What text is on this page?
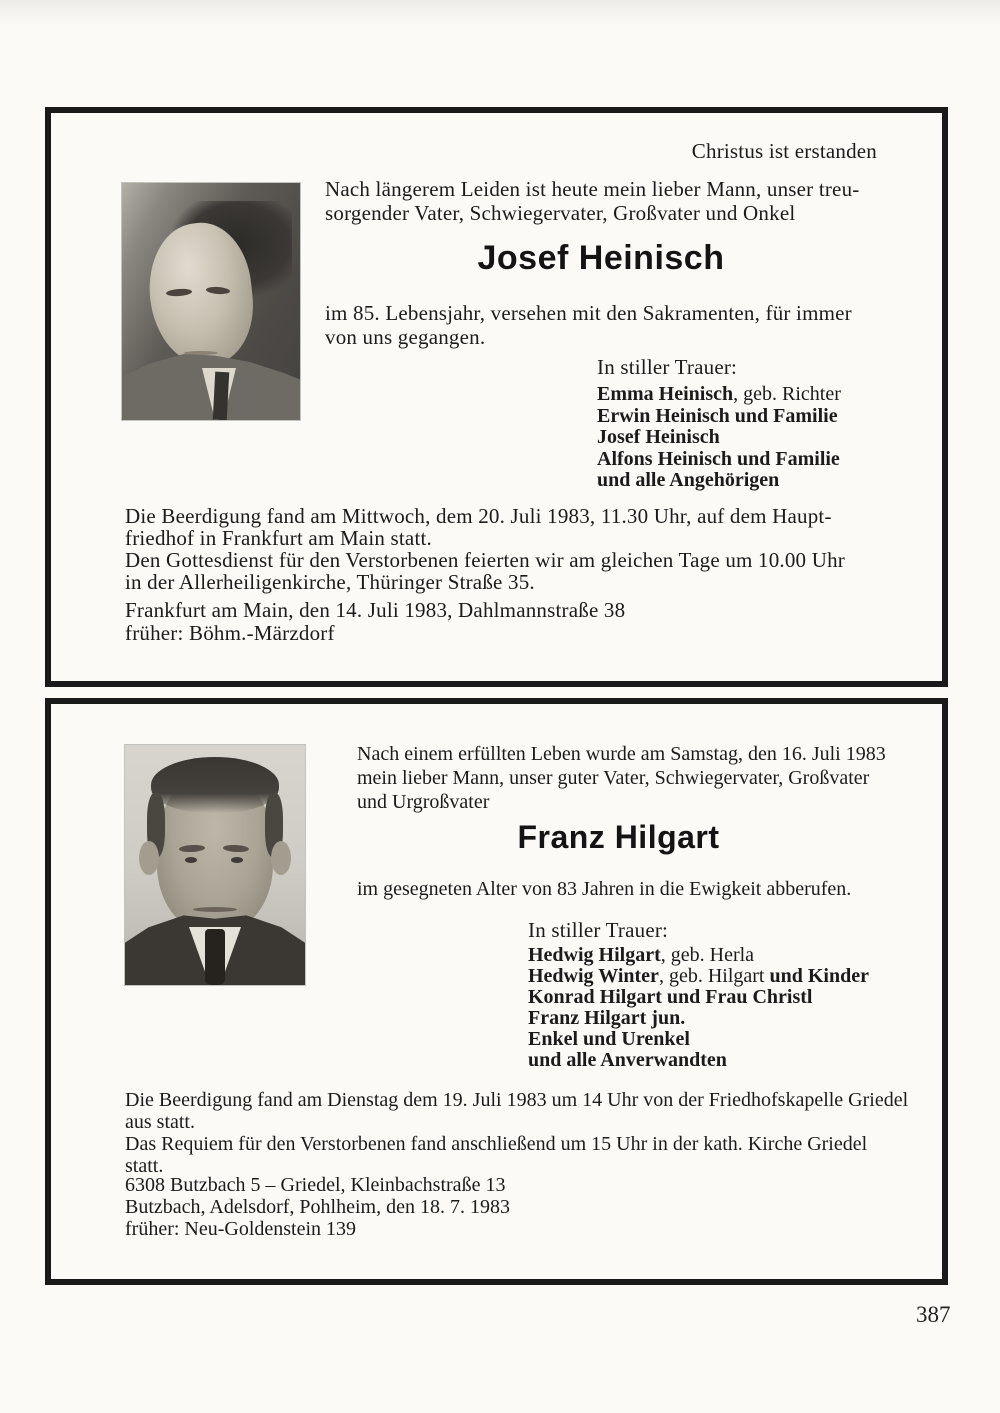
Christus ist erstanden
Nach längerem Leiden ist heute mein lieber Mann, unser treu-
sorgender Vater, Schwiegervater, Großvater und Onkel
Josef Heinisch
im 85. Lebensjahr, versehen mit den Sakramenten, für immer
von uns gegangen.
In stiller Trauer:
Emma Heinisch, geb. Richter
Erwin Heinisch und Familie
Josef Heinisch
Alfons Heinisch und Familie
und alle Angehörigen
Die Beerdigung fand am Mittwoch, dem 20. Juli 1983, 11.30 Uhr, auf dem Haupt-
friedhof in Frankfurt am Main statt.
Den Gottesdienst für den Verstorbenen feierten wir am gleichen Tage um 10.00 Uhr
in der Allerheiligenkirche, Thüringer Straße 35.
Frankfurt am Main, den 14. Juli 1983, Dahlmannstraße 38
früher: Böhm.-Märzdorf
Nach einem erfüllten Leben wurde am Samstag, den 16. Juli 1983
mein lieber Mann, unser guter Vater, Schwiegervater, Großvater
und Urgroßvater
Franz Hilgart
im gesegneten Alter von 83 Jahren in die Ewigkeit abberufen.
In stiller Trauer:
Hedwig Hilgart, geb. Herla
Hedwig Winter, geb. Hilgart und Kinder
Konrad Hilgart und Frau Christl
Franz Hilgart jun.
Enkel und Urenkel
und alle Anverwandten
Die Beerdigung fand am Dienstag dem 19. Juli 1983 um 14 Uhr von der Friedhofskapelle Griedel
aus statt.
Das Requiem für den Verstorbenen fand anschließend um 15 Uhr in der kath. Kirche Griedel
statt.
6308 Butzbach 5 – Griedel, Kleinbachstraße 13
Butzbach, Adelsdorf, Pohlheim, den 18. 7. 1983
früher: Neu-Goldenstein 139
387
